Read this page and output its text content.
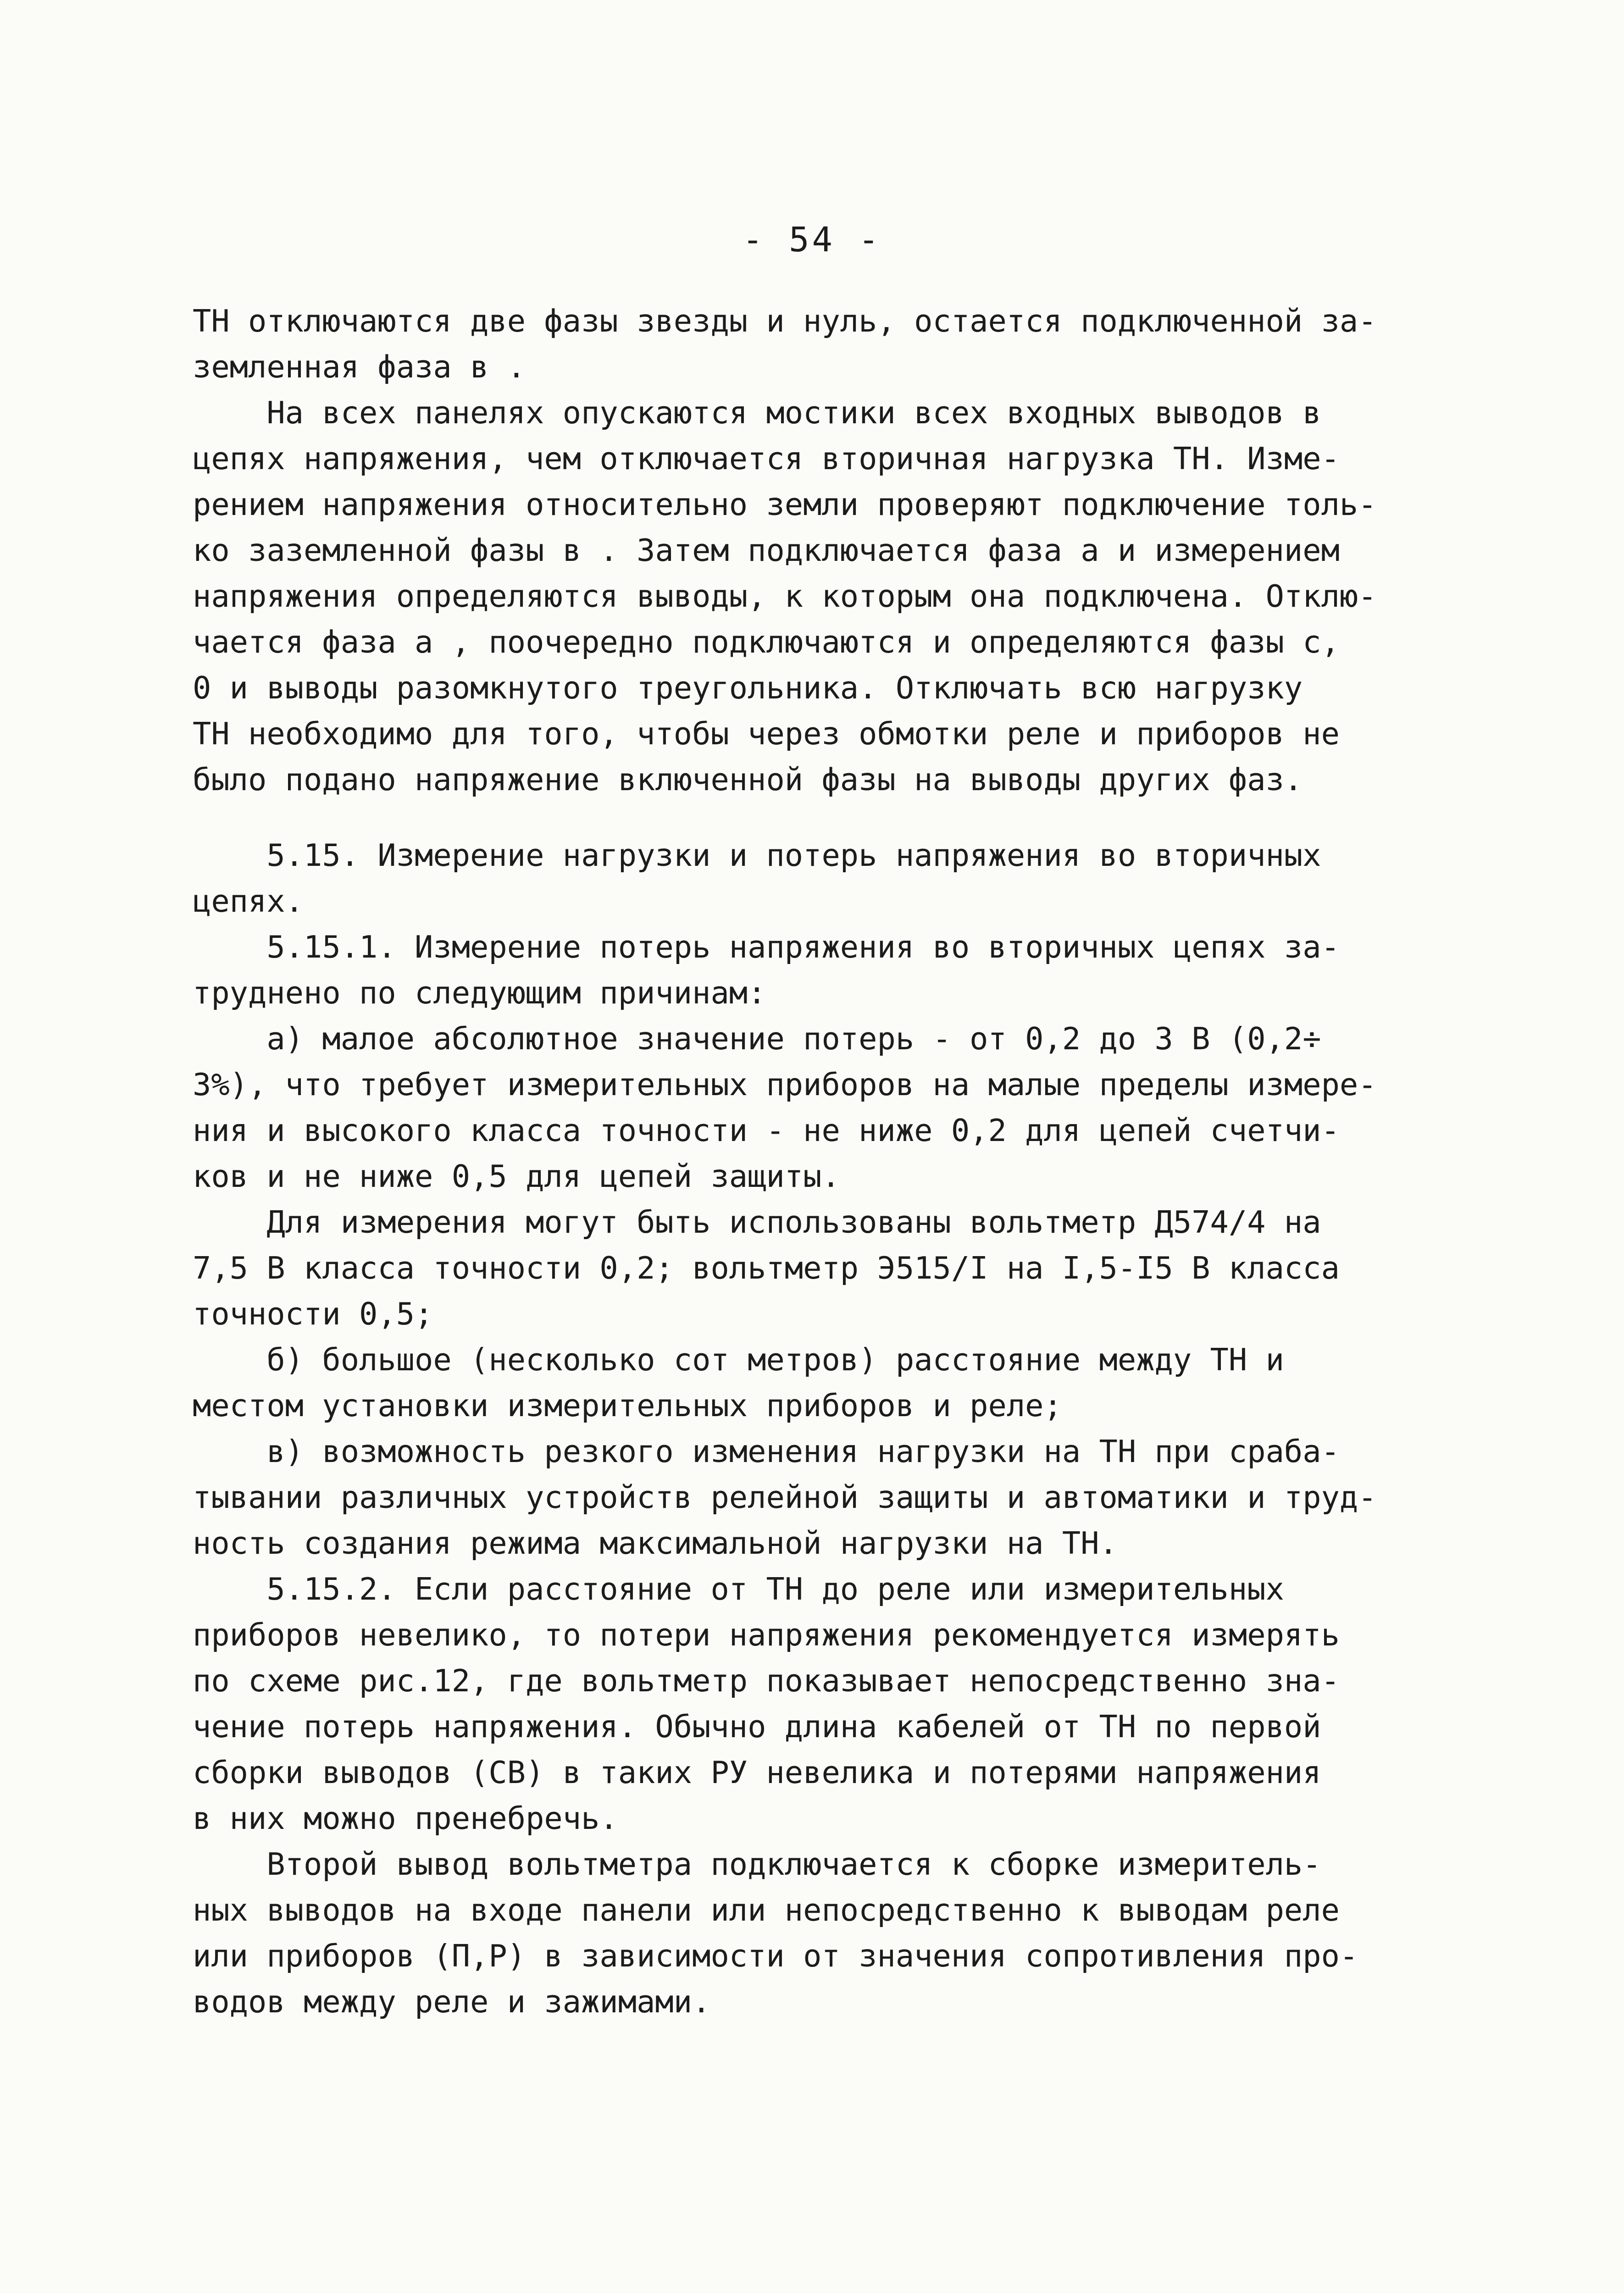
- 54 -
ТН отключаются две фазы звезды и нуль, остается подключенной за-
земленная фаза в .
На всех панелях опускаются мостики всех входных выводов в
цепях напряжения, чем отключается вторичная нагрузка ТН. Изме-
рением напряжения относительно земли проверяют подключение толь-
ко заземленной фазы в . Затем подключается фаза а и измерением
напряжения определяются выводы, к которым она подключена. Отклю-
чается фаза а , поочередно подключаются и определяются фазы с,
0 и выводы разомкнутого треугольника. Отключать всю нагрузку
ТН необходимо для того, чтобы через обмотки реле и приборов не
было подано напряжение включенной фазы на выводы других фаз.
5.15. Измерение нагрузки и потерь напряжения во вторичных
цепях.
5.15.1. Измерение потерь напряжения во вторичных цепях за-
труднено по следующим причинам:
а) малое абсолютное значение потерь - от 0,2 до 3 В (0,2÷
3%), что требует измерительных приборов на малые пределы измере-
ния и высокого класса точности - не ниже 0,2 для цепей счетчи-
ков и не ниже 0,5 для цепей защиты.
Для измерения могут быть использованы вольтметр Д574/4 на
7,5 В класса точности 0,2; вольтметр Э515/I на I,5-I5 В класса
точности 0,5;
б) большое (несколько сот метров) расстояние между ТН и
местом установки измерительных приборов и реле;
в) возможность резкого изменения нагрузки на ТН при сраба-
тывании различных устройств релейной защиты и автоматики и труд-
ность создания режима максимальной нагрузки на ТН.
5.15.2. Если расстояние от ТН до реле или измерительных
приборов невелико, то потери напряжения рекомендуется измерять
по схеме рис.12, где вольтметр показывает непосредственно зна-
чение потерь напряжения. Обычно длина кабелей от ТН по первой
сборки выводов (СВ) в таких РУ невелика и потерями напряжения
в них можно пренебречь.
Второй вывод вольтметра подключается к сборке измеритель-
ных выводов на входе панели или непосредственно к выводам реле
или приборов (П,Р) в зависимости от значения сопротивления про-
водов между реле и зажимами.
